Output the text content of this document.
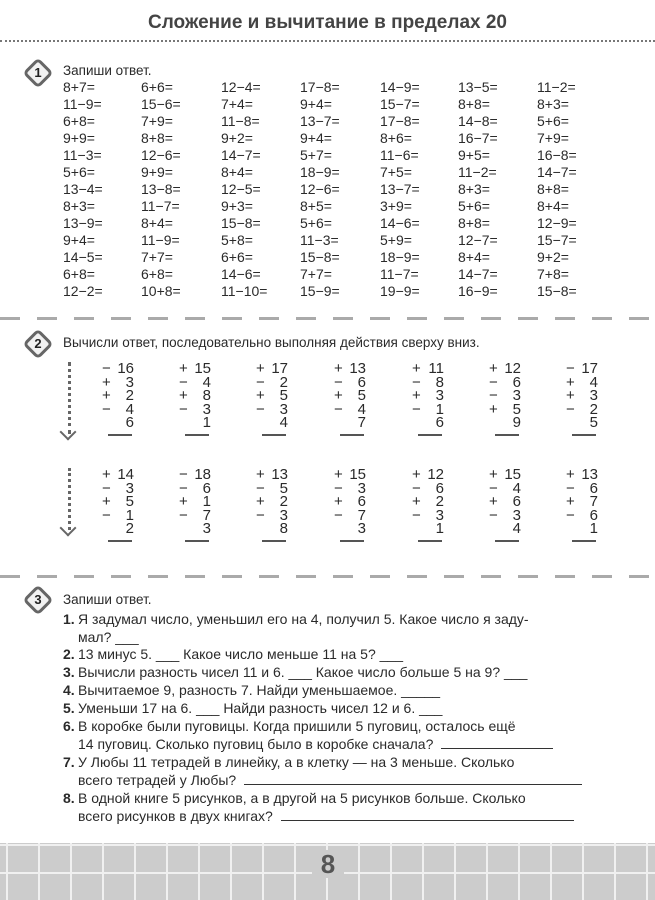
Сложение и вычитание в пределах 20
1	Запиши ответ.
8+7=	6+6=	12−4=	17−8=	14−9=	13−5=	11−2=
11−9=	15−6=	7+4=	9+4=	15−7=	8+8=	8+3=
6+8=	7+9=	11−8=	13−7=	17−8=	14−8=	5+6=
9+9=	8+8=	9+2=	9+4=	8+6=	16−7=	7+9=
11−3=	12−6=	14−7=	5+7=	11−6=	9+5=	16−8=
5+6=	9+9=	8+4=	18−9=	7+5=	11−2=	14−7=
13−4=	13−8=	12−5=	12−6=	13−7=	8+3=	8+8=
8+3=	11−7=	9+3=	8+5=	3+9=	5+6=	8+4=
13−9=	8+4=	15−8=	5+6=	14−6=	8+8=	12−9=
9+4=	11−9=	5+8=	11−3=	5+9=	12−7=	15−7=
14−5=	7+7=	6+6=	15−8=	18−9=	8+4=	9+2=
6+8=	6+8=	14−6=	7+7=	11−7=	14−7=	7+8=
12−2=	10+8=	11−10=	15−9=	19−9=	16−9=	15−8=
2	Вычисли ответ, последовательно выполняя действия сверху вниз.
− 16
+ 3
+ 2
− 4
6
+ 15
− 4
+ 8
− 3
1
+ 17
− 2
+ 5
− 3
4
+ 13
− 6
+ 5
− 4
7
+ 11
− 8
+ 3
− 1
6
+ 12
− 6
− 3
+ 5
9
− 17
+ 4
+ 3
− 2
5
+ 14
− 3
+ 5
− 1
2
− 18
− 6
+ 1
− 7
3
+ 13
− 5
+ 2
− 3
8
+ 15
− 3
+ 6
− 7
3
+ 12
− 6
+ 2
− 3
1
+ 15
− 4
+ 6
− 3
4
+ 13
− 6
+ 7
− 6
1
3	Запиши ответ.
1. Я задумал число, уменьшил его на 4, получил 5. Какое число я заду-
мал? ___
2. 13 минус 5. ___ Какое число меньше 11 на 5? ___
3. Вычисли разность чисел 11 и 6. ___ Какое число больше 5 на 9? ___
4. Вычитаемое 9, разность 7. Найди уменьшаемое. _____
5. Уменьши 17 на 6. ___ Найди разность чисел 12 и 6. ___
6. В коробке были пуговицы. Когда пришили 5 пуговиц, осталось ещё
14 пуговиц. Сколько пуговиц было в коробке сначала?
7. У Любы 11 тетрадей в линейку, а в клетку — на 3 меньше. Сколько
всего тетрадей у Любы?
8. В одной книге 5 рисунков, а в другой на 5 рисунков больше. Сколько
всего рисунков в двух книгах?
8
